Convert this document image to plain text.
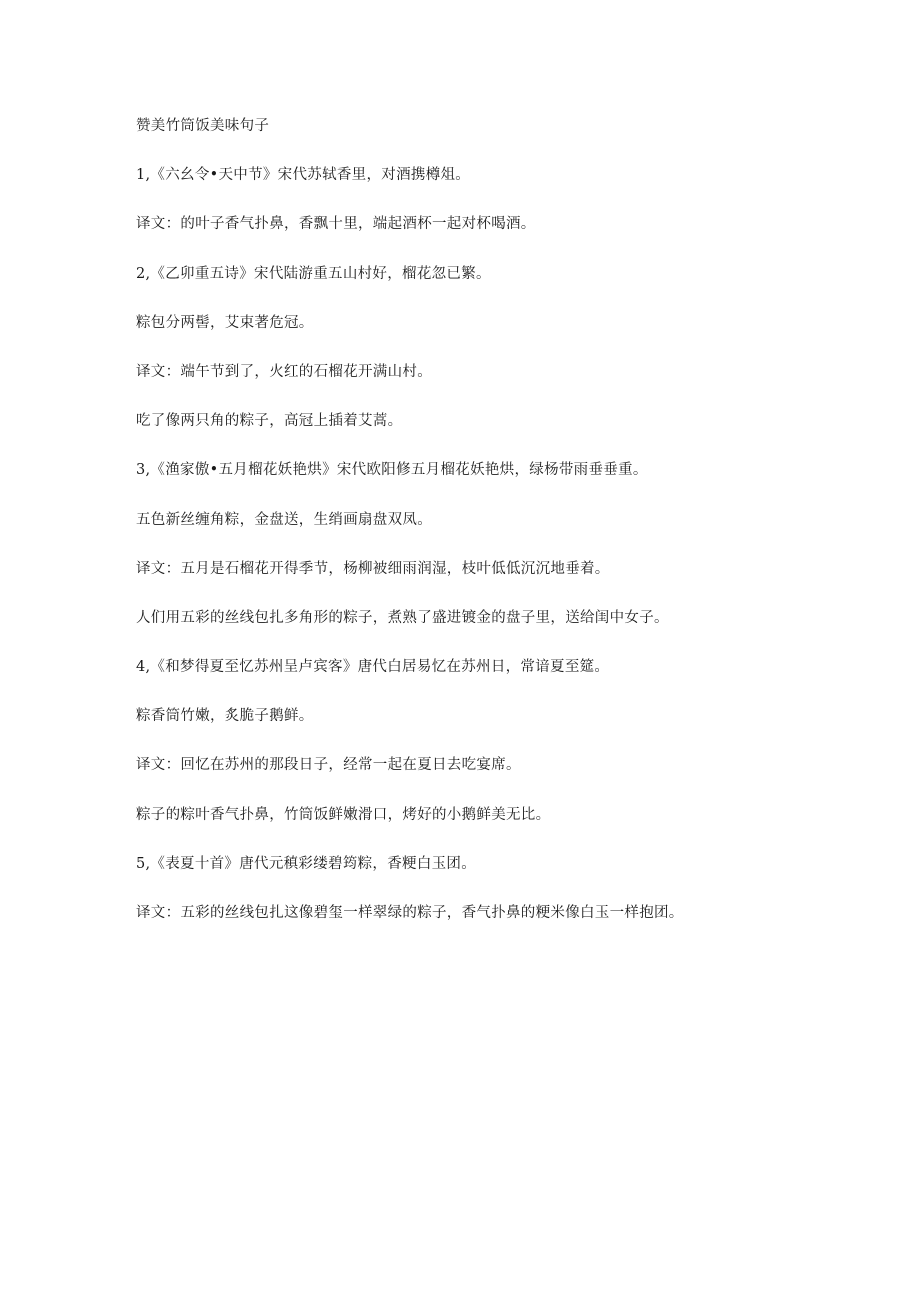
赞美竹筒饭美味句子

1,《六幺令•天中节》宋代苏轼香里，对酒携樽俎。

译文：的叶子香气扑鼻，香飘十里，端起酒杯一起对杯喝酒。

2,《乙卯重五诗》宋代陆游重五山村好，榴花忽已繁。

粽包分两髻，艾束著危冠。

译文：端午节到了，火红的石榴花开满山村。

吃了像两只角的粽子，高冠上插着艾蒿。

3,《渔家傲•五月榴花妖艳烘》宋代欧阳修五月榴花妖艳烘，绿杨带雨垂垂重。

五色新丝缠角粽，金盘送，生绡画扇盘双凤。

译文：五月是石榴花开得季节，杨柳被细雨润湿，枝叶低低沉沉地垂着。

人们用五彩的丝线包扎多角形的粽子，煮熟了盛进镀金的盘子里，送给闺中女子。

4,《和梦得夏至忆苏州呈卢宾客》唐代白居易忆在苏州日，常谙夏至筵。

粽香筒竹嫩，炙脆子鹅鲜。

译文：回忆在苏州的那段日子，经常一起在夏日去吃宴席。

粽子的粽叶香气扑鼻，竹筒饭鲜嫩滑口，烤好的小鹅鲜美无比。

5,《表夏十首》唐代元稹彩缕碧筠粽，香粳白玉团。

译文：五彩的丝线包扎这像碧玺一样翠绿的粽子，香气扑鼻的粳米像白玉一样抱团。
